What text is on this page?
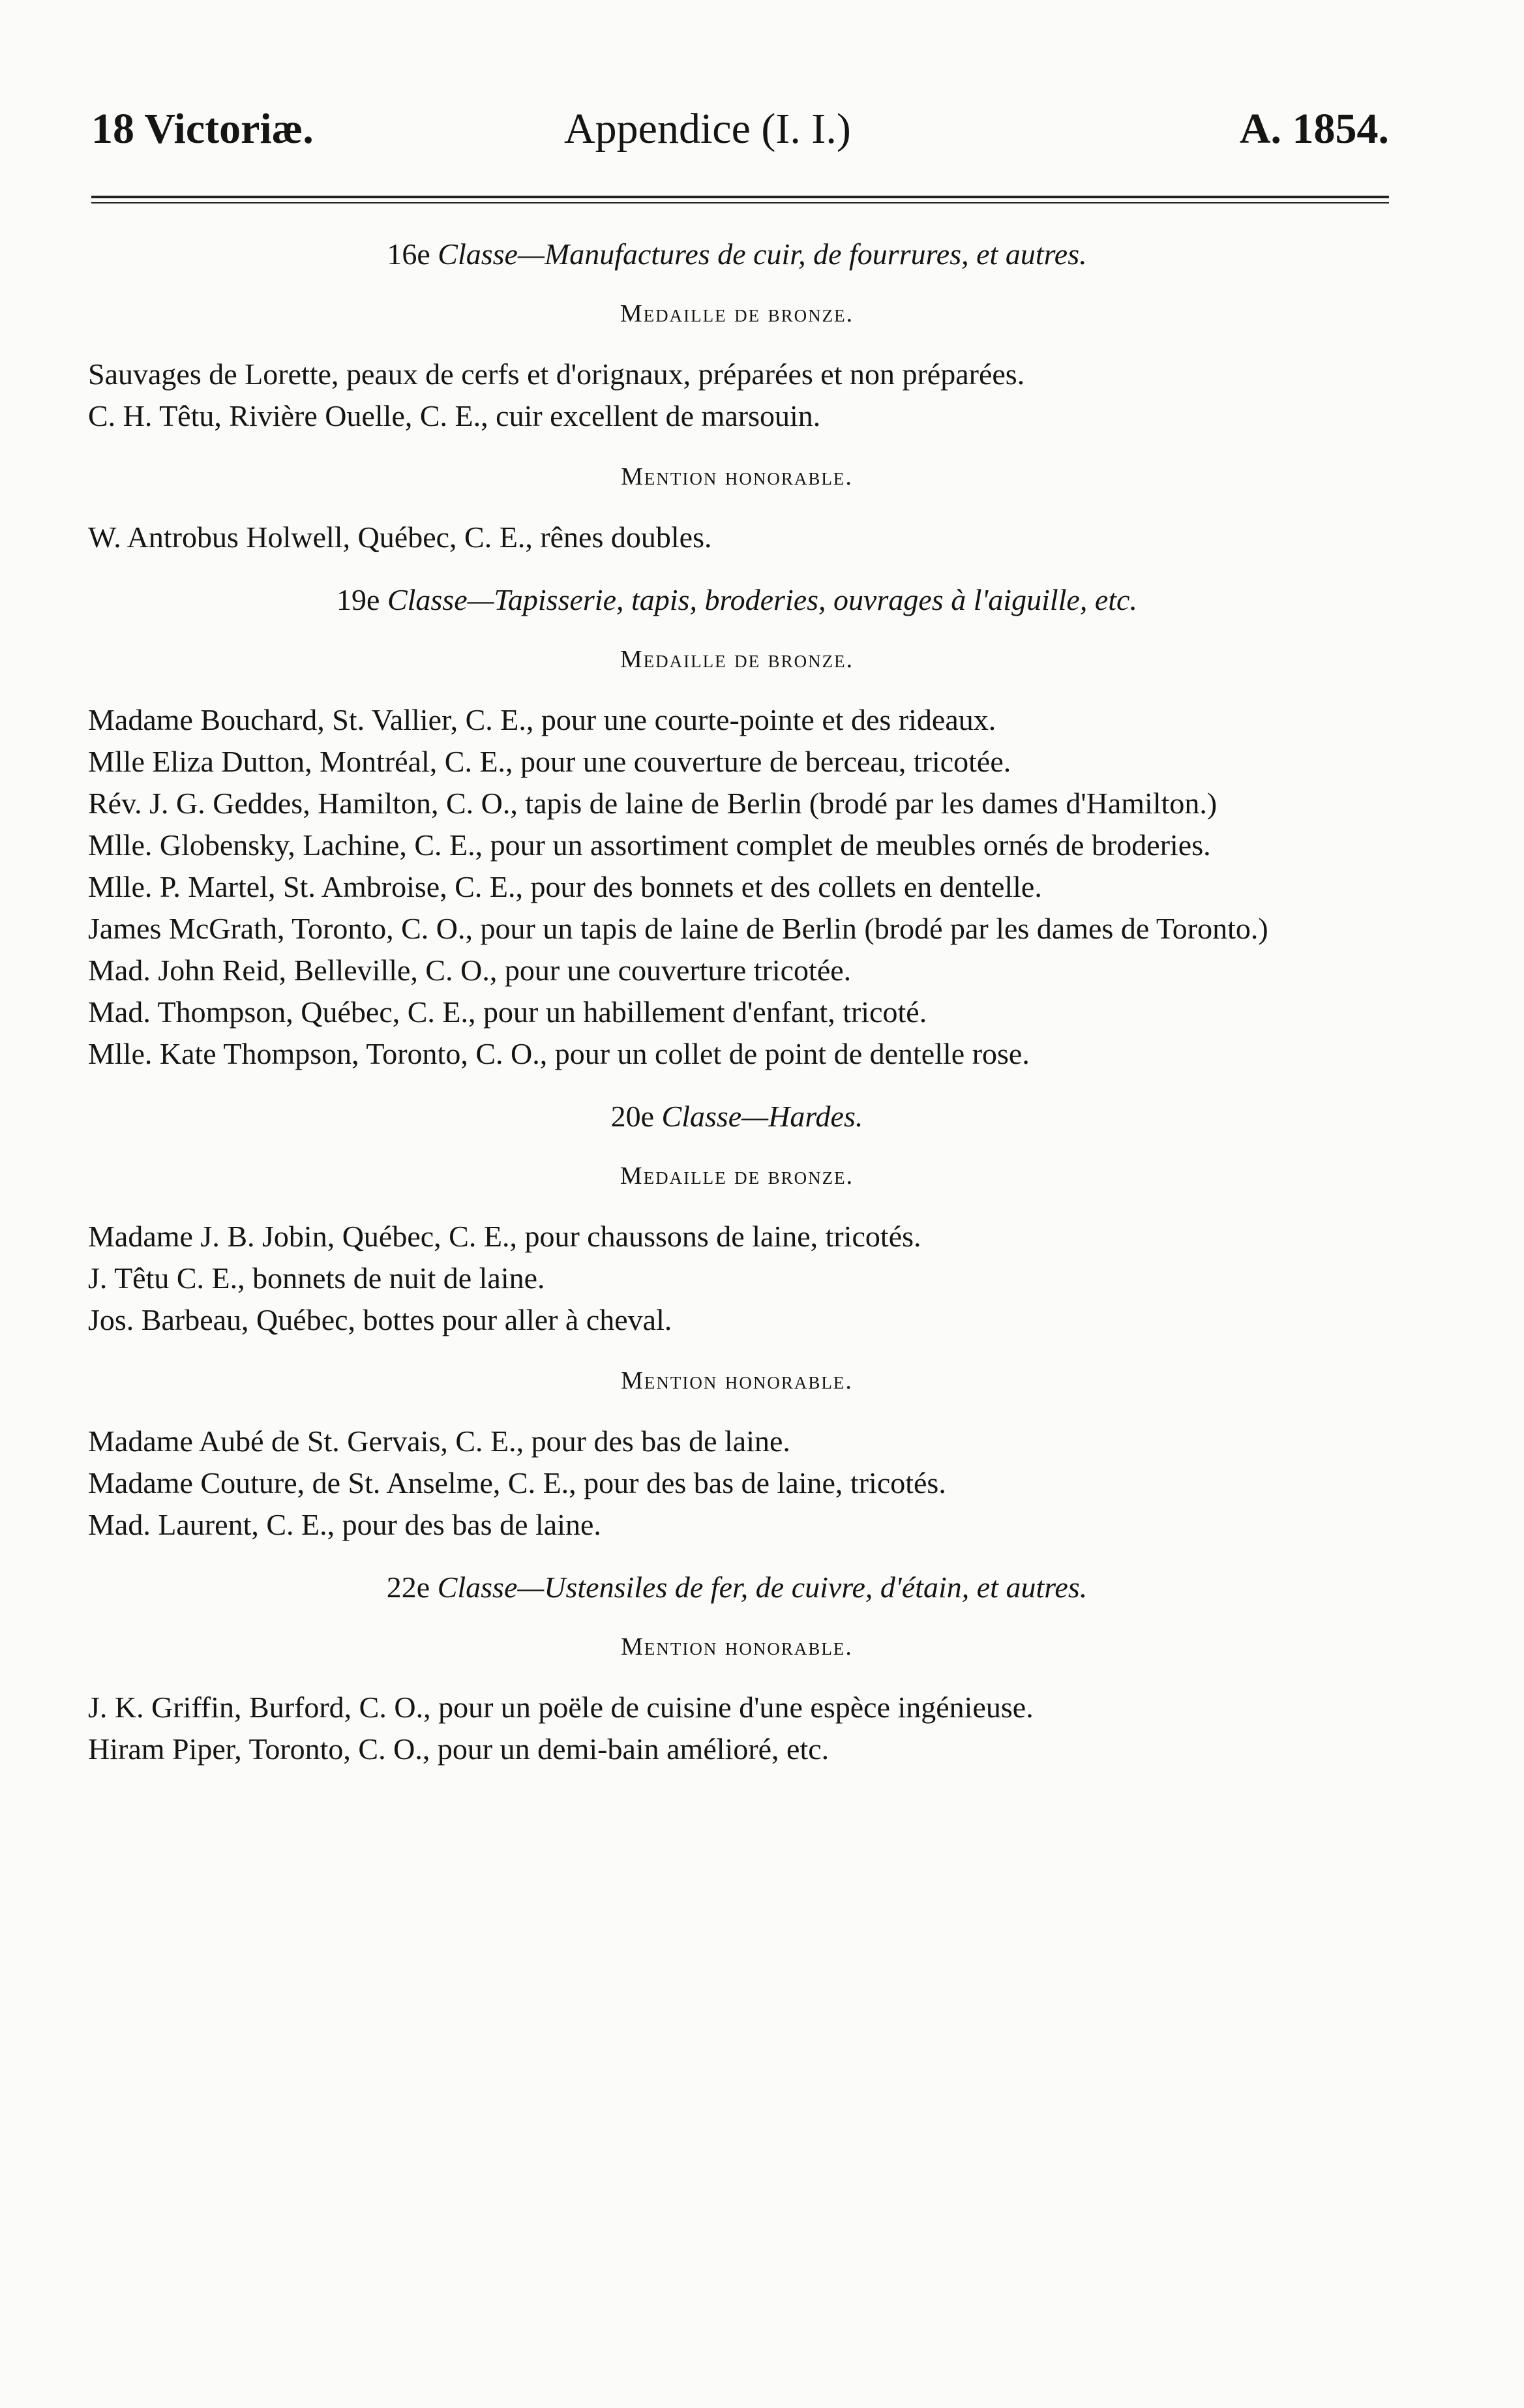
18 Victoriæ.	Appendice (I. I.)	A. 1854.
16e Classe—Manufactures de cuir, de fourrures, et autres.
Medaille de bronze.
Sauvages de Lorette, peaux de cerfs et d'orignaux, préparées et non préparées.
C. H. Têtu, Rivière Ouelle, C. E., cuir excellent de marsouin.
Mention honorable.
W. Antrobus Holwell, Québec, C. E., rênes doubles.
19e Classe—Tapisserie, tapis, broderies, ouvrages à l'aiguille, etc.
Medaille de bronze.
Madame Bouchard, St. Vallier, C. E., pour une courte-pointe et des rideaux.
Mlle Eliza Dutton, Montréal, C. E., pour une couverture de berceau, tricotée.
Rév. J. G. Geddes, Hamilton, C. O., tapis de laine de Berlin (brodé par les dames d'Hamilton.)
Mlle. Globensky, Lachine, C. E., pour un assortiment complet de meubles ornés de broderies.
Mlle. P. Martel, St. Ambroise, C. E., pour des bonnets et des collets en dentelle.
James McGrath, Toronto, C. O., pour un tapis de laine de Berlin (brodé par les dames de Toronto.)
Mad. John Reid, Belleville, C. O., pour une couverture tricotée.
Mad. Thompson, Québec, C. E., pour un habillement d'enfant, tricoté.
Mlle. Kate Thompson, Toronto, C. O., pour un collet de point de dentelle rose.
20e Classe—Hardes.
Medaille de bronze.
Madame J. B. Jobin, Québec, C. E., pour chaussons de laine, tricotés.
J. Têtu C. E., bonnets de nuit de laine.
Jos. Barbeau, Québec, bottes pour aller à cheval.
Mention honorable.
Madame Aubé de St. Gervais, C. E., pour des bas de laine.
Madame Couture, de St. Anselme, C. E., pour des bas de laine, tricotés.
Mad. Laurent, C. E., pour des bas de laine.
22e Classe—Ustensiles de fer, de cuivre, d'étain, et autres.
Mention honorable.
J. K. Griffin, Burford, C. O., pour un poële de cuisine d'une espèce ingénieuse.
Hiram Piper, Toronto, C. O., pour un demi-bain amélioré, etc.
